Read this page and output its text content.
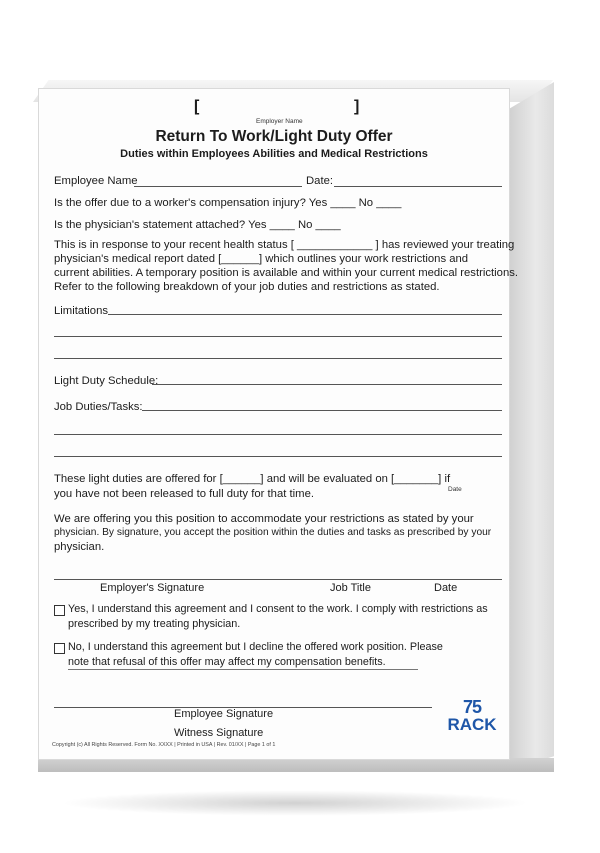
[
Employer Name
]
Return To Work/Light Duty Offer
Duties within Employees Abilities and Medical Restrictions
Employee Name	Date:
Is the offer due to a worker's compensation injury? Yes ____ No ____
Is the physician's statement attached? Yes ____ No ____
This is in response to your recent health status [ ____________ ] has reviewed your treating
physician's medical report dated [______] which outlines your work restrictions and
current abilities. A temporary position is available and within your current medical restrictions.
Refer to the following breakdown of your job duties and restrictions as stated.
Limitations
Light Duty Schedule:
Job Duties/Tasks:
These light duties are offered for [______] and will be evaluated on [_______] if
Date
you have not been released to full duty for that time.
We are offering you this position to accommodate your restrictions as stated by your
physician. By signature, you accept the position within the duties and tasks as prescribed by your
physician.
Employer's Signature	Job Title	Date
Yes, I understand this agreement and I consent to the work. I comply with restrictions as
prescribed by my treating physician.
No, I understand this agreement but I decline the offered work position. Please
note that refusal of this offer may affect my compensation benefits.
Employee Signature
Witness Signature
Copyright (c) All Rights Reserved. Form No. XXXX | Printed in USA | Rev. 01/XX | Page 1 of 1
75
RACK
